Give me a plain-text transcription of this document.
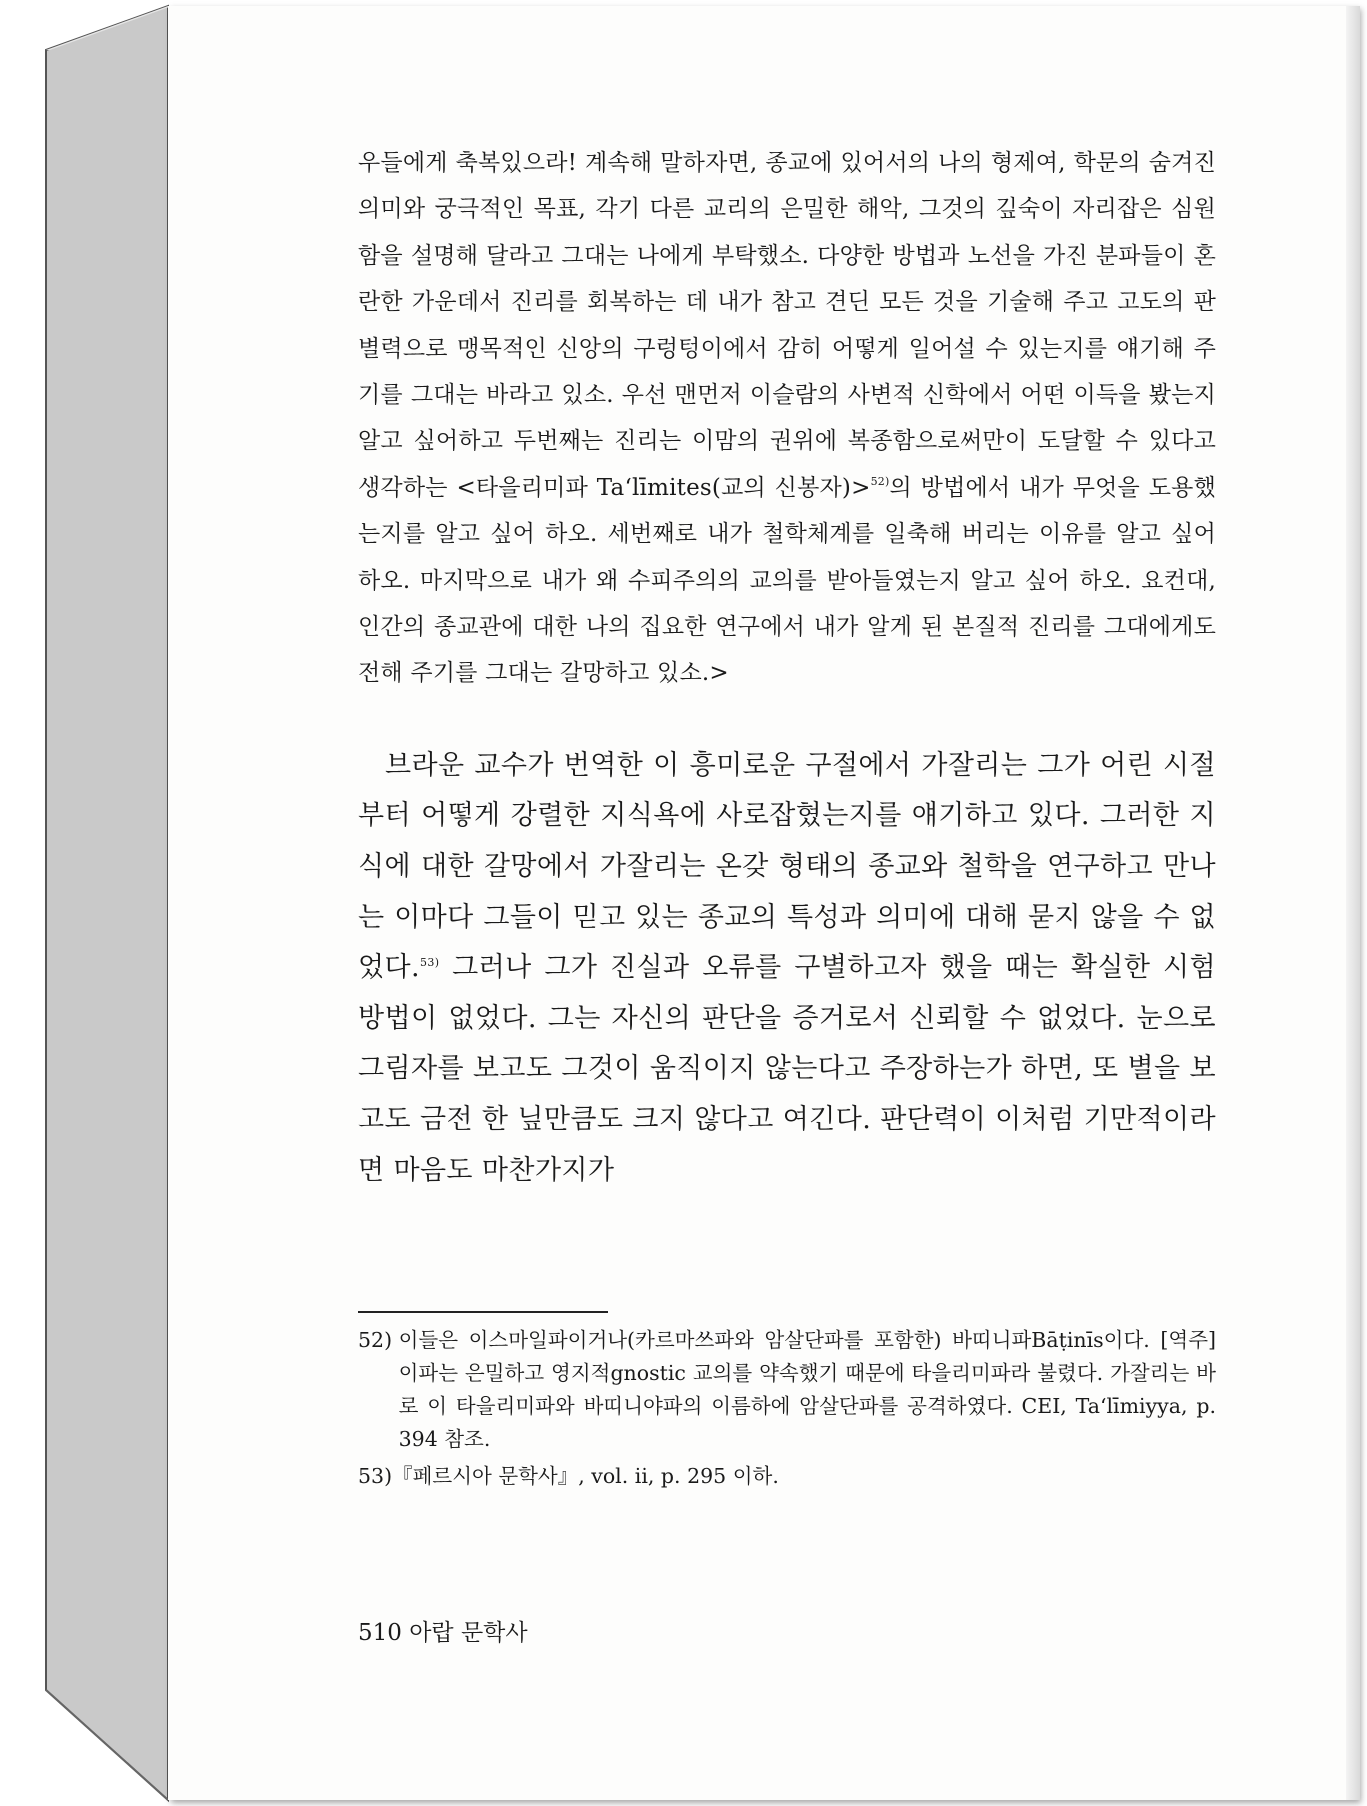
우들에게 축복있으라! 계속해 말하자면, 종교에 있어서의 나의 형제여, 학문의 숨겨진 의미와 궁극적인 목표, 각기 다른 교리의 은밀한 해악, 그것의 깊숙이 자리잡은 심원함을 설명해 달라고 그대는 나에게 부탁했소. 다양한 방법과 노선을 가진 분파들이 혼란한 가운데서 진리를 회복하는 데 내가 참고 견딘 모든 것을 기술해 주고 고도의 판별력으로 맹목적인 신앙의 구렁텅이에서 감히 어떻게 일어설 수 있는지를 얘기해 주기를 그대는 바라고 있소. 우선 맨먼저 이슬람의 사변적 신학에서 어떤 이득을 봤는지 알고 싶어하고 두번째는 진리는 이맘의 권위에 복종함으로써만이 도달할 수 있다고 생각하는 <타을리미파 Ta‘līmites(교의 신봉자)>$^{52)}$의 방법에서 내가 무엇을 도용했는지를 알고 싶어 하오. 세번째로 내가 철학체계를 일축해 버리는 이유를 알고 싶어 하오. 마지막으로 내가 왜 수피주의의 교의를 받아들였는지 알고 싶어 하오. 요컨대, 인간의 종교관에 대한 나의 집요한 연구에서 내가 알게 된 본질적 진리를 그대에게도 전해 주기를 그대는 갈망하고 있소.>

브라운 교수가 번역한 이 흥미로운 구절에서 가잘리는 그가 어린 시절부터 어떻게 강렬한 지식욕에 사로잡혔는지를 얘기하고 있다. 그러한 지식에 대한 갈망에서 가잘리는 온갖 형태의 종교와 철학을 연구하고 만나는 이마다 그들이 믿고 있는 종교의 특성과 의미에 대해 묻지 않을 수 없었다.$^{53)}$ 그러나 그가 진실과 오류를 구별하고자 했을 때는 확실한 시험 방법이 없었다. 그는 자신의 판단을 증거로서 신뢰할 수 없었다. 눈으로 그림자를 보고도 그것이 움직이지 않는다고 주장하는가 하면, 또 별을 보고도 금전 한 닢만큼도 크지 않다고 여긴다. 판단력이 이처럼 기만적이라면 마음도 마찬가지가

52) 이들은 이스마일파이거나(카르마쓰파와 암살단파를 포함한) 바띠니파Bāṭinīs이다. [역주] 이파는 은밀하고 영지적gnostic 교의를 약속했기 때문에 타을리미파라 불렸다. 가잘리는 바로 이 타을리미파와 바띠니야파의 이름하에 암살단파를 공격하였다. CEI, Ta‘līmiyya, p. 394 참조.

53) 『페르시아 문학사』, vol. ii, p. 295 이하.

510 아랍 문학사
